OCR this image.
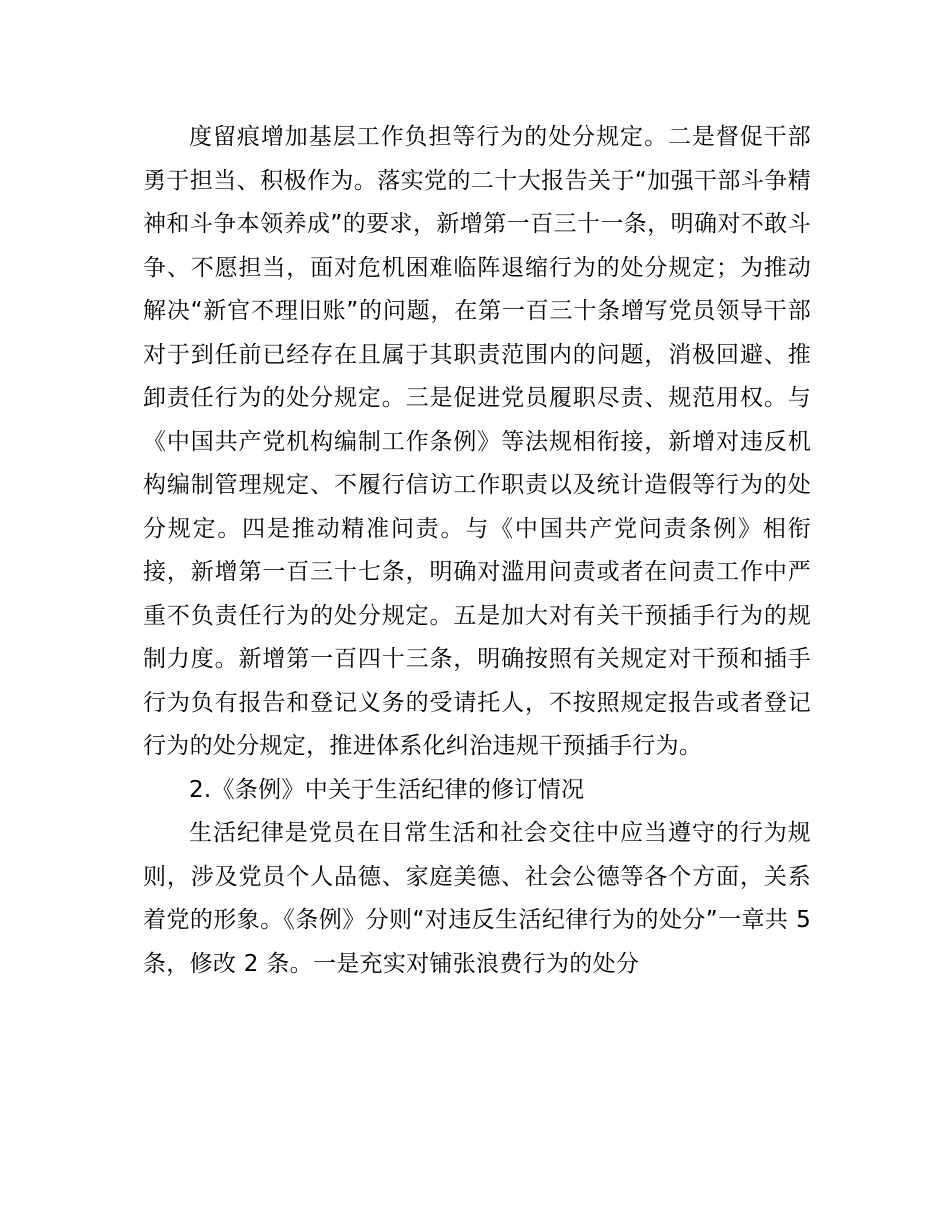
度留痕增加基层工作负担等行为的处分规定。二是督促干部勇于担当、积极作为。落实党的二十大报告关于“加强干部斗争精神和斗争本领养成”的要求，新增第一百三十一条，明确对不敢斗争、不愿担当，面对危机困难临阵退缩行为的处分规定；为推动解决“新官不理旧账”的问题，在第一百三十条增写党员领导干部对于到任前已经存在且属于其职责范围内的问题，消极回避、推卸责任行为的处分规定。三是促进党员履职尽责、规范用权。与《中国共产党机构编制工作条例》等法规相衔接，新增对违反机构编制管理规定、不履行信访工作职责以及统计造假等行为的处分规定。四是推动精准问责。与《中国共产党问责条例》相衔接，新增第一百三十七条，明确对滥用问责或者在问责工作中严重不负责任行为的处分规定。五是加大对有关干预插手行为的规制力度。新增第一百四十三条，明确按照有关规定对干预和插手行为负有报告和登记义务的受请托人，不按照规定报告或者登记行为的处分规定，推进体系化纠治违规干预插手行为。

2.《条例》中关于生活纪律的修订情况

生活纪律是党员在日常生活和社会交往中应当遵守的行为规则，涉及党员个人品德、家庭美德、社会公德等各个方面，关系着党的形象。《条例》分则“对违反生活纪律行为的处分”一章共 5 条，修改 2 条。一是充实对铺张浪费行为的处分
